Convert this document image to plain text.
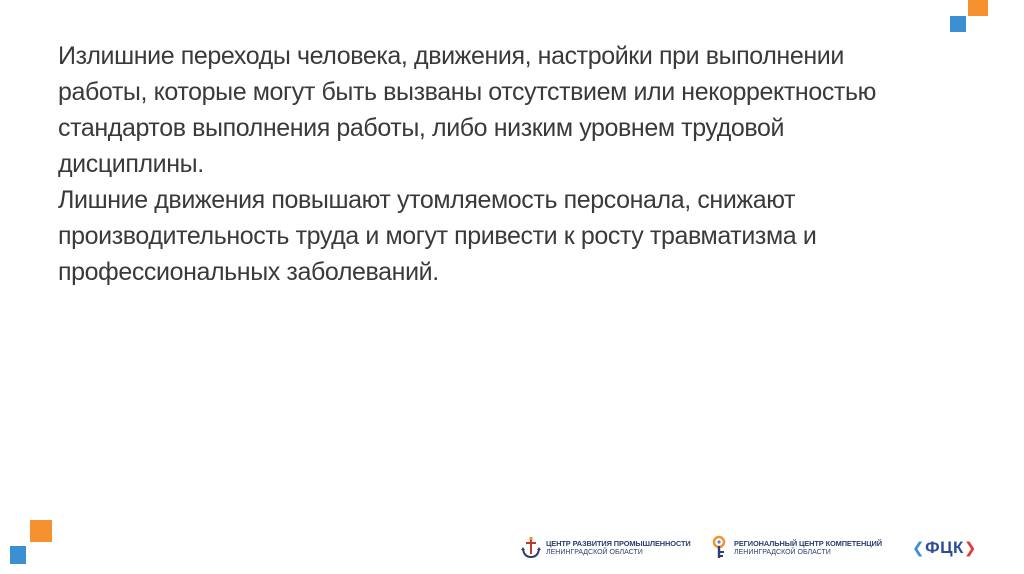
Излишние переходы человека, движения, настройки при выполнении

работы, которые могут быть вызваны отсутствием или некорректностью

стандартов выполнения работы, либо низким уровнем трудовой

дисциплины.

Лишние движения повышают утомляемость персонала, снижают

производительность труда и могут привести к росту травматизма и

профессиональных заболеваний.

ЦЕНТР РАЗВИТИЯ ПРОМЫШЛЕННОСТИ
ЛЕНИНГРАДСКОЙ ОБЛАСТИ
РЕГИОНАЛЬНЫЙ ЦЕНТР КОМПЕТЕНЦИЙ
ЛЕНИНГРАДСКОЙ ОБЛАСТИ	❮ ФЦК ❯
